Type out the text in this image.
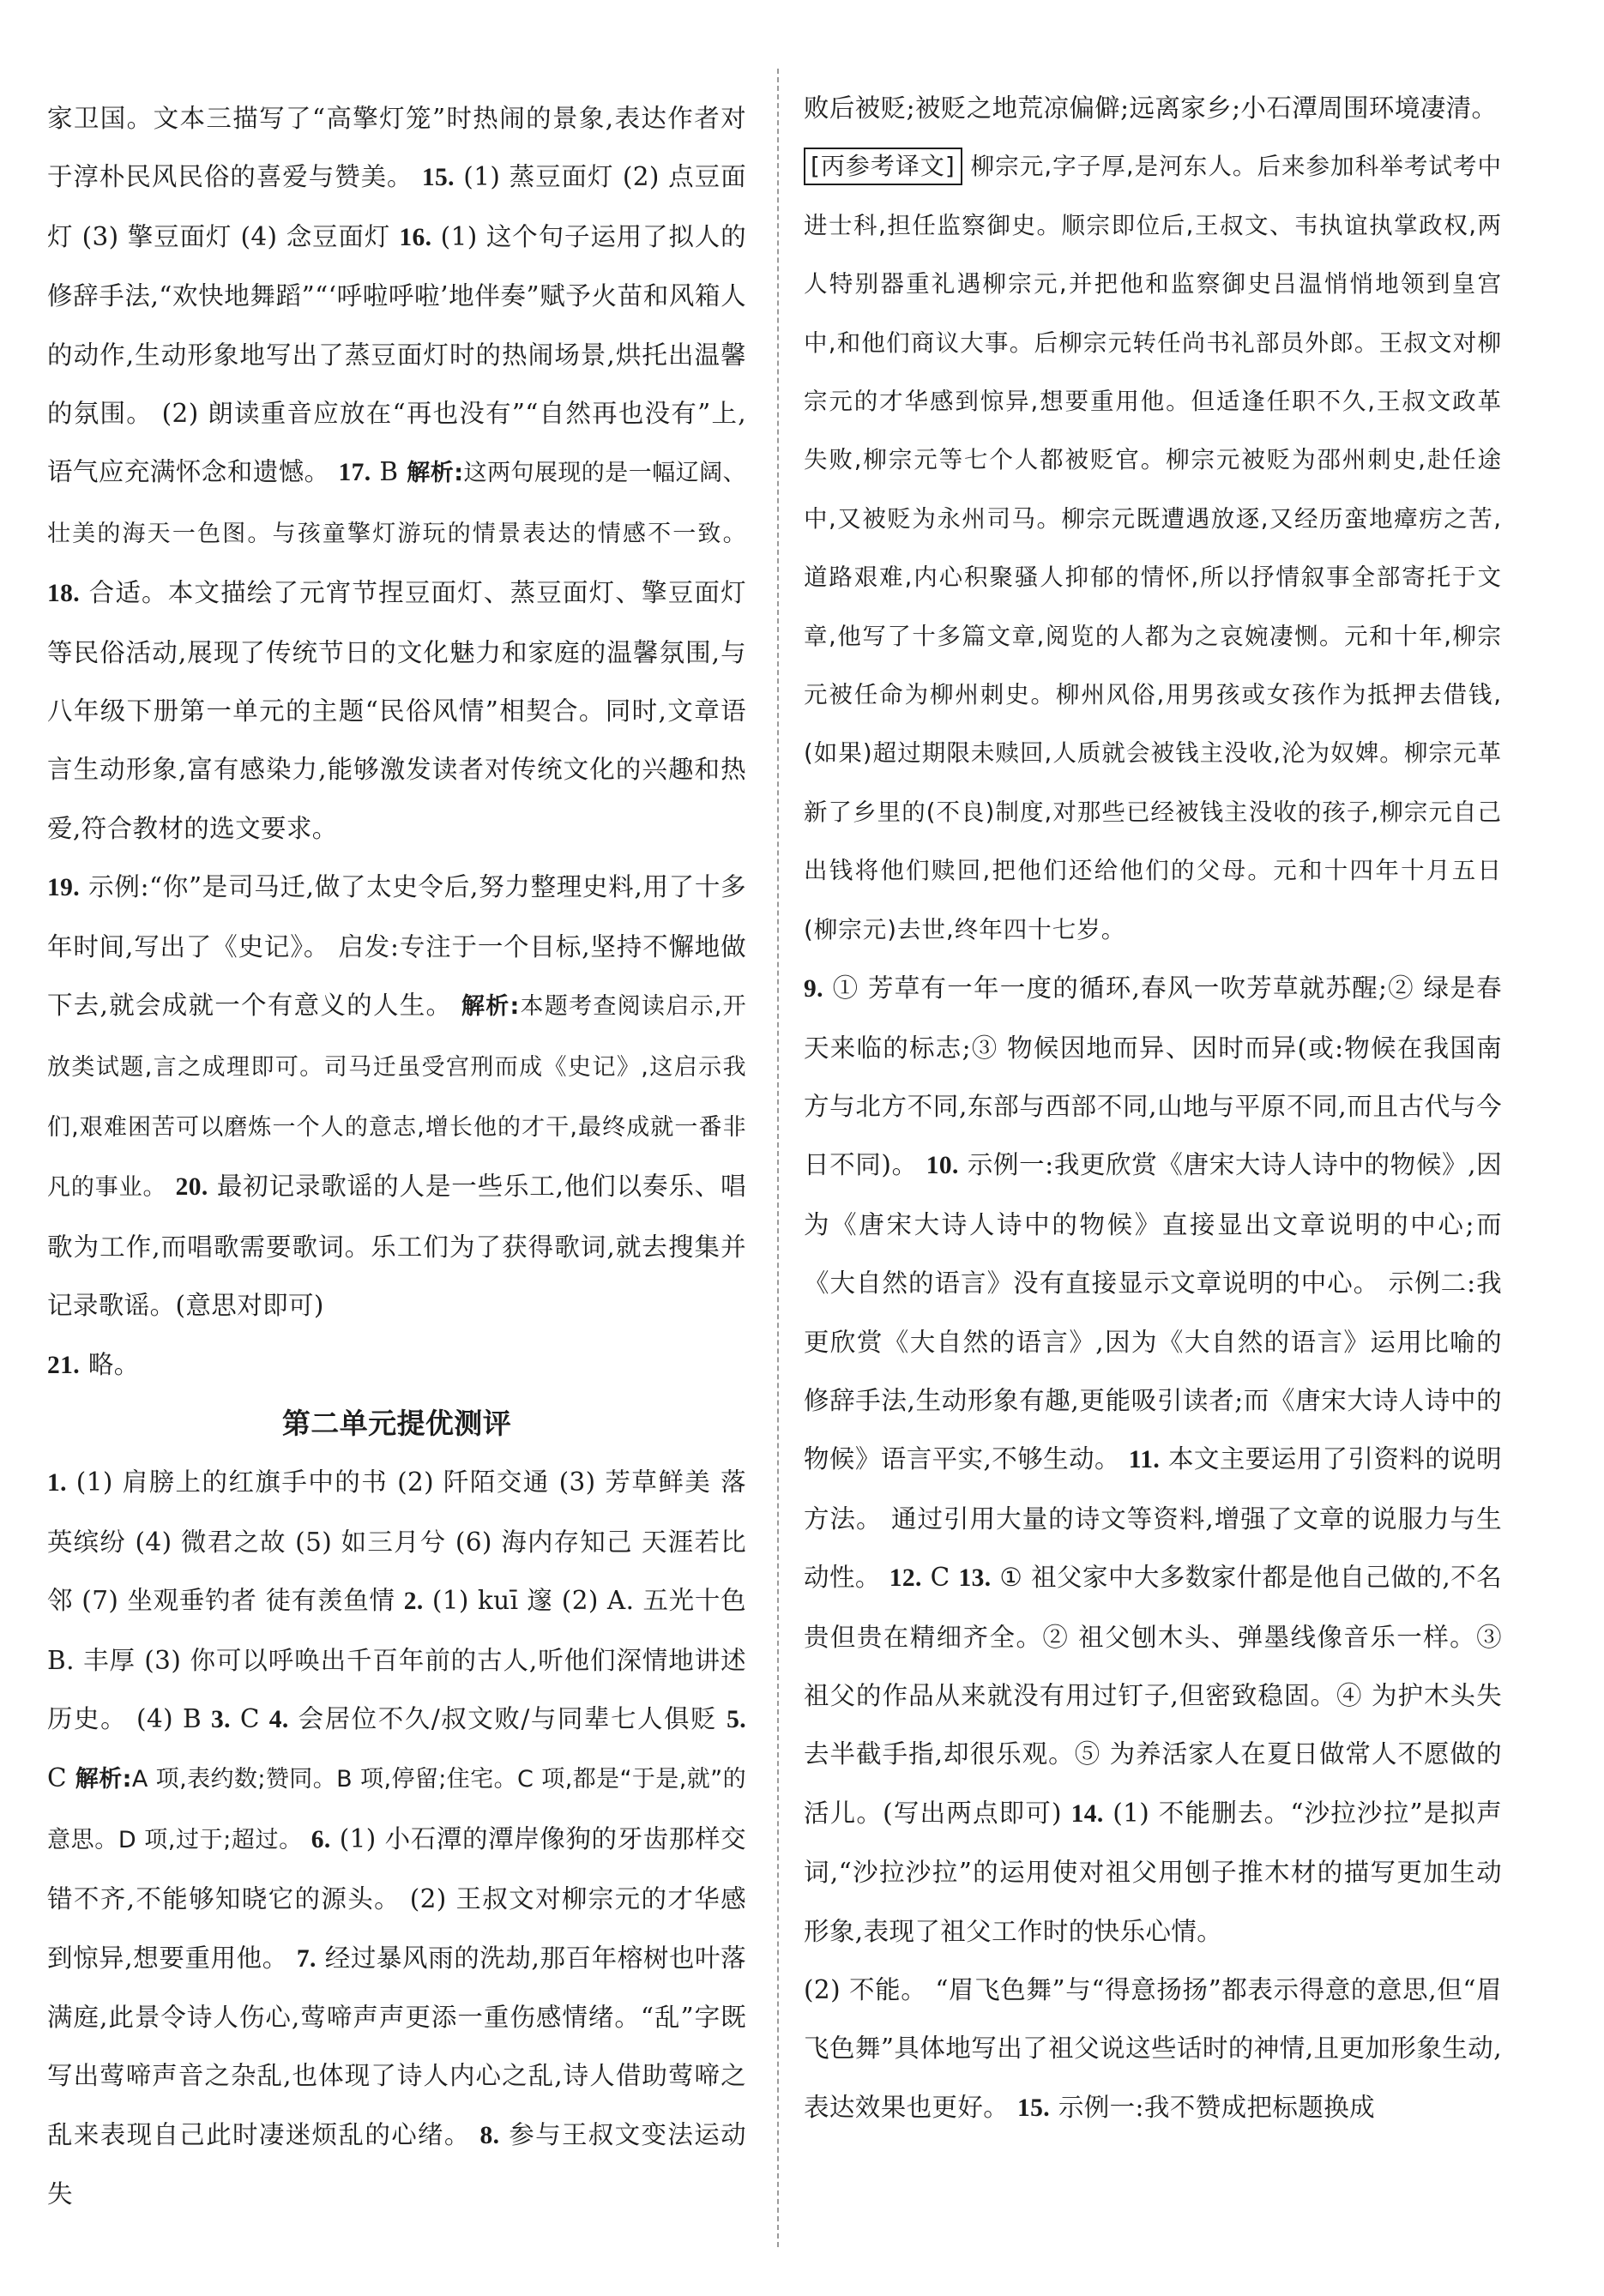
家卫国。文本三描写了“高擎灯笼”时热闹的景象,表达作者对于淳朴民风民俗的喜爱与赞美。 15. (1) 蒸豆面灯 (2) 点豆面灯 (3) 擎豆面灯 (4) 念豆面灯 16. (1) 这个句子运用了拟人的修辞手法,“欢快地舞蹈”“‘呼啦呼啦’地伴奏”赋予火苗和风箱人的动作,生动形象地写出了蒸豆面灯时的热闹场景,烘托出温馨的氛围。 (2) 朗读重音应放在“再也没有”“自然再也没有”上,语气应充满怀念和遗憾。 17. B 解析:这两句展现的是一幅辽阔、壮美的海天一色图。与孩童擎灯游玩的情景表达的情感不一致。 18. 合适。本文描绘了元宵节捏豆面灯、蒸豆面灯、擎豆面灯等民俗活动,展现了传统节日的文化魅力和家庭的温馨氛围,与八年级下册第一单元的主题“民俗风情”相契合。同时,文章语言生动形象,富有感染力,能够激发读者对传统文化的兴趣和热爱,符合教材的选文要求。

19. 示例:“你”是司马迁,做了太史令后,努力整理史料,用了十多年时间,写出了《史记》。 启发:专注于一个目标,坚持不懈地做下去,就会成就一个有意义的人生。 解析:本题考查阅读启示,开放类试题,言之成理即可。司马迁虽受宫刑而成《史记》,这启示我们,艰难困苦可以磨炼一个人的意志,增长他的才干,最终成就一番非凡的事业。 20. 最初记录歌谣的人是一些乐工,他们以奏乐、唱歌为工作,而唱歌需要歌词。乐工们为了获得歌词,就去搜集并记录歌谣。(意思对即可)

21. 略。

第二单元提优测评

1. (1) 肩膀上的红旗手中的书 (2) 阡陌交通 (3) 芳草鲜美 落英缤纷 (4) 微君之故 (5) 如三月兮 (6) 海内存知己 天涯若比邻 (7) 坐观垂钓者 徒有羡鱼情 2. (1) kuī 邃 (2) A. 五光十色 B. 丰厚 (3) 你可以呼唤出千百年前的古人,听他们深情地讲述历史。 (4) B 3. C 4. 会居位不久/叔文败/与同辈七人俱贬 5. C 解析:A 项,表约数;赞同。B 项,停留;住宅。C 项,都是“于是,就”的意思。D 项,过于;超过。 6. (1) 小石潭的潭岸像狗的牙齿那样交错不齐,不能够知晓它的源头。 (2) 王叔文对柳宗元的才华感到惊异,想要重用他。 7. 经过暴风雨的洗劫,那百年榕树也叶落满庭,此景令诗人伤心,莺啼声声更添一重伤感情绪。“乱”字既写出莺啼声音之杂乱,也体现了诗人内心之乱,诗人借助莺啼之乱来表现自己此时凄迷烦乱的心绪。 8. 参与王叔文变法运动失

败后被贬;被贬之地荒凉偏僻;远离家乡;小石潭周围环境凄清。

[丙参考译文] 柳宗元,字子厚,是河东人。后来参加科举考试考中进士科,担任监察御史。顺宗即位后,王叔文、韦执谊执掌政权,两人特别器重礼遇柳宗元,并把他和监察御史吕温悄悄地领到皇宫中,和他们商议大事。后柳宗元转任尚书礼部员外郎。王叔文对柳宗元的才华感到惊异,想要重用他。但适逢任职不久,王叔文政革失败,柳宗元等七个人都被贬官。柳宗元被贬为邵州刺史,赴任途中,又被贬为永州司马。柳宗元既遭遇放逐,又经历蛮地瘴疠之苦,道路艰难,内心积聚骚人抑郁的情怀,所以抒情叙事全部寄托于文章,他写了十多篇文章,阅览的人都为之哀婉凄恻。元和十年,柳宗元被任命为柳州刺史。柳州风俗,用男孩或女孩作为抵押去借钱,(如果)超过期限未赎回,人质就会被钱主没收,沦为奴婢。柳宗元革新了乡里的(不良)制度,对那些已经被钱主没收的孩子,柳宗元自己出钱将他们赎回,把他们还给他们的父母。元和十四年十月五日(柳宗元)去世,终年四十七岁。

9. ① 芳草有一年一度的循环,春风一吹芳草就苏醒;② 绿是春天来临的标志;③ 物候因地而异、因时而异(或:物候在我国南方与北方不同,东部与西部不同,山地与平原不同,而且古代与今日不同)。 10. 示例一:我更欣赏《唐宋大诗人诗中的物候》,因为《唐宋大诗人诗中的物候》直接显出文章说明的中心;而《大自然的语言》没有直接显示文章说明的中心。 示例二:我更欣赏《大自然的语言》,因为《大自然的语言》运用比喻的修辞手法,生动形象有趣,更能吸引读者;而《唐宋大诗人诗中的物候》语言平实,不够生动。 11. 本文主要运用了引资料的说明方法。 通过引用大量的诗文等资料,增强了文章的说服力与生动性。 12. C 13. ① 祖父家中大多数家什都是他自己做的,不名贵但贵在精细齐全。② 祖父刨木头、弹墨线像音乐一样。③ 祖父的作品从来就没有用过钉子,但密致稳固。④ 为护木头失去半截手指,却很乐观。⑤ 为养活家人在夏日做常人不愿做的活儿。(写出两点即可) 14. (1) 不能删去。“沙拉沙拉”是拟声词,“沙拉沙拉”的运用使对祖父用刨子推木材的描写更加生动形象,表现了祖父工作时的快乐心情。

(2) 不能。 “眉飞色舞”与“得意扬扬”都表示得意的意思,但“眉飞色舞”具体地写出了祖父说这些话时的神情,且更加形象生动,表达效果也更好。 15. 示例一:我不赞成把标题换成
